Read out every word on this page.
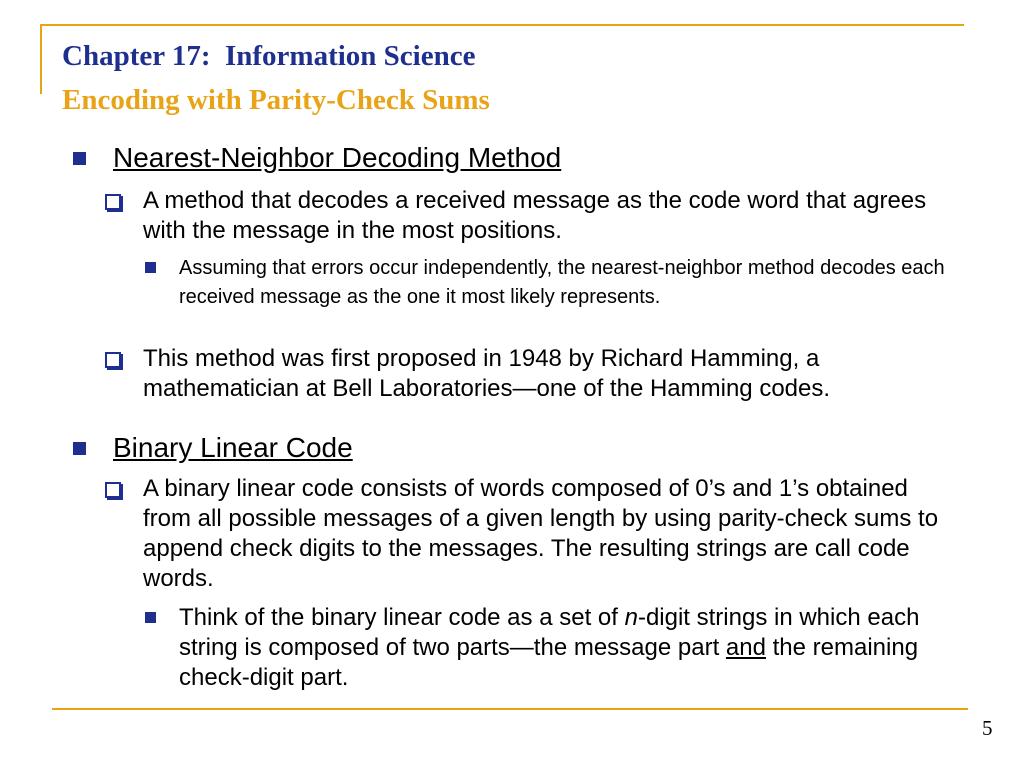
Chapter 17:  Information Science
Encoding with Parity-Check Sums
Nearest-Neighbor Decoding Method
A method that decodes a received message as the code word that agrees with the message in the most positions.
Assuming that errors occur independently, the nearest-neighbor method decodes each received message as the one it most likely represents.
This method was first proposed in 1948 by Richard Hamming, a mathematician at Bell Laboratories—one of the Hamming codes.
Binary Linear Code
A binary linear code consists of words composed of 0’s and 1’s obtained from all possible messages of a given length by using parity-check sums to append check digits to the messages. The resulting strings are call code words.
Think of the binary linear code as a set of n-digit strings in which each string is composed of two parts—the message part and the remaining check-digit part.
5
